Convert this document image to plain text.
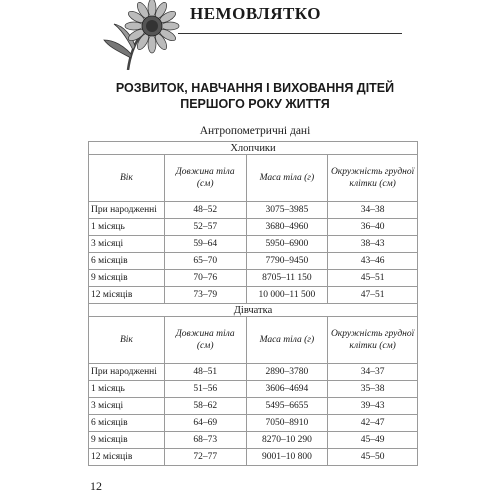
НЕМОВЛЯТКО
РОЗВИТОК, НАВЧАННЯ І ВИХОВАННЯ ДІТЕЙ
ПЕРШОГО РОКУ ЖИТТЯ
Антропометричні дані
Хлопчики			
Вік	Довжина тіла (см)	Маса тіла (г)	Окружність грудної клітки (см)
При народженні	48–52	3075–3985	34–38
1 місяць	52–57	3680–4960	36–40
3 місяці	59–64	5950–6900	38–43
6 місяців	65–70	7790–9450	43–46
9 місяців	70–76	8705–11 150	45–51
12 місяців	73–79	10 000–11 500	47–51
Дівчатка			
Вік	Довжина тіла (см)	Маса тіла (г)	Окружність грудної клітки (см)
При народженні	48–51	2890–3780	34–37
1 місяць	51–56	3606–4694	35–38
3 місяці	58–62	5495–6655	39–43
6 місяців	64–69	7050–8910	42–47
9 місяців	68–73	8270–10 290	45–49
12 місяців	72–77	9001–10 800	45–50
12
